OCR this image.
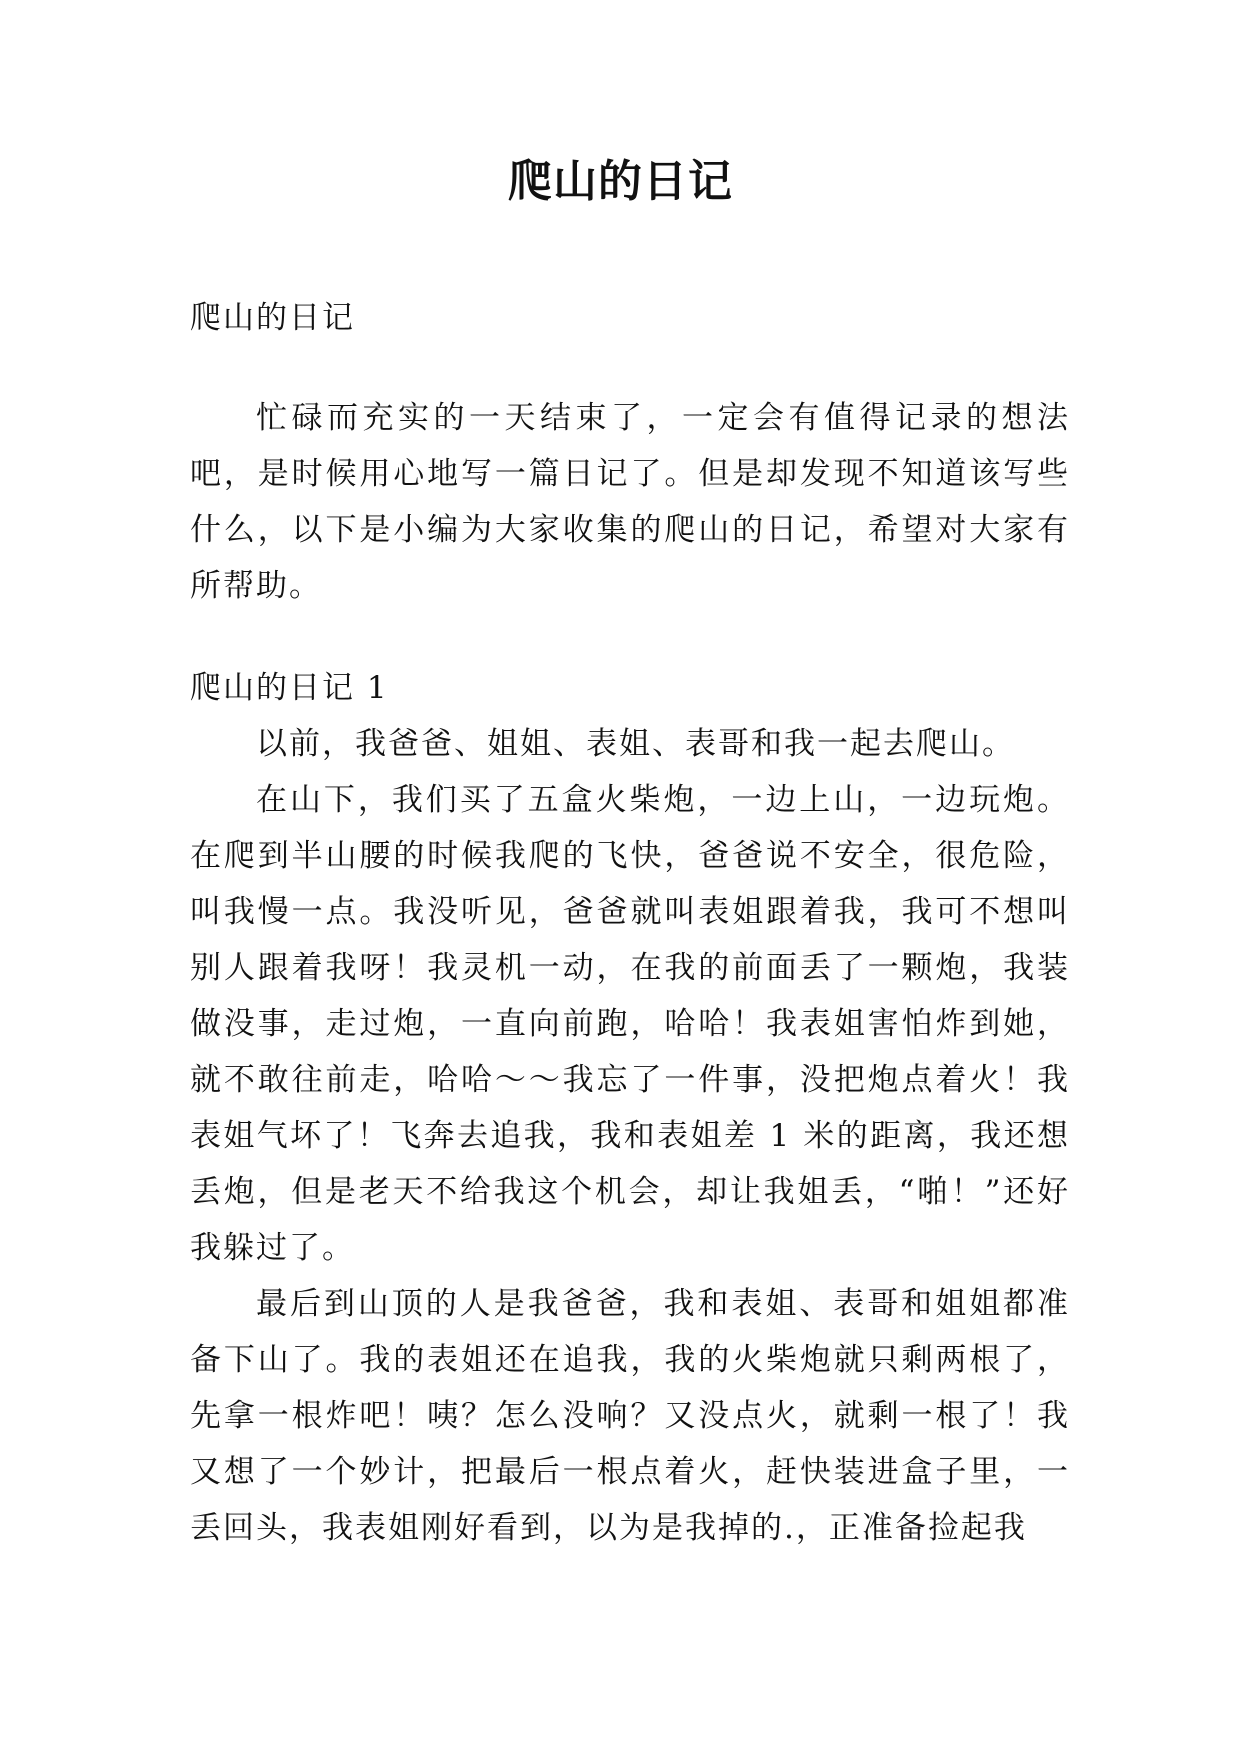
爬山的日记

爬山的日记

忙碌而充实的一天结束了，一定会有值得记录的想法吧，是时候用心地写一篇日记了。但是却发现不知道该写些什么，以下是小编为大家收集的爬山的日记，希望对大家有所帮助。

爬山的日记 1

以前，我爸爸、姐姐、表姐、表哥和我一起去爬山。

在山下，我们买了五盒火柴炮，一边上山，一边玩炮。在爬到半山腰的时候我爬的飞快，爸爸说不安全，很危险，叫我慢一点。我没听见，爸爸就叫表姐跟着我，我可不想叫别人跟着我呀！我灵机一动，在我的前面丢了一颗炮，我装做没事，走过炮，一直向前跑，哈哈！我表姐害怕炸到她，就不敢往前走，哈哈～～我忘了一件事，没把炮点着火！我表姐气坏了！飞奔去追我，我和表姐差 1 米的距离，我还想丢炮，但是老天不给我这个机会，却让我姐丢，“啪！”还好我躲过了。

最后到山顶的人是我爸爸，我和表姐、表哥和姐姐都准备下山了。我的表姐还在追我，我的火柴炮就只剩两根了，先拿一根炸吧！咦？怎么没响？又没点火，就剩一根了！我又想了一个妙计，把最后一根点着火，赶快装进盒子里，一丢回头，我表姐刚好看到，以为是我掉的.，正准备捡起我
